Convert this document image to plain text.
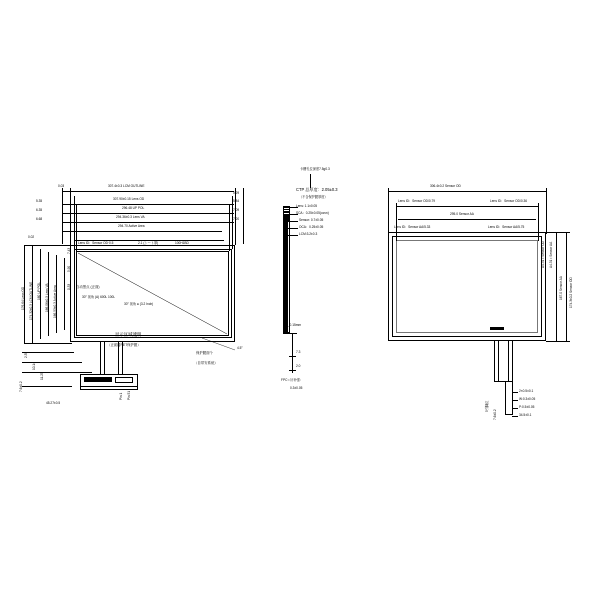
0.03	307.4±0.3 LCM OUTLINE
0.29
5.35	307.90±0.15 Lens OD	5.84
6.35	296.48 UP POL	7.09
6.68	294.36±0.3 Lens VA	7.20
294.70 Active Area
Lens ID：Sensor OD·0.5	2.1 (シート厚)	100H1BD
0.02
176.64 Lens OD 174.32±0.3 LCM OUTLINE 160 UP POL 166.06±0.3 Lens VA 166.53±0.3 Active Area
7.43
5.90
0.33
2.35
10.14
11.25
7.6±0.2
45.27±0.5
Pin 1 Pin 51
自动黑点 (正面)
30° 视角 (A) 600L 100L
30° 视角 ● (3.2 Inch)
显示区域透明
（正面覆PET保护膜）
保护膜面个
（自带安系统）
4.5°
卡槽孔位深度7.5g0.3
CTP 总厚度：2.05±0.3
（不含保护膜厚度）
Lens: 1.1±0.05
SCA：0.25±0.05(ocvn)
Sensor: 0.7±0.05
OCA：0.25±0.05
LCM:3.2±0.3
0_0.15mm
7.3
2.0
FPC☆针补强：
0.3±0.05
306.4±0.2 Sensor OD
Lens ID：Sensor OD/0.79	Lens ID：Sensor OD/0.36
295.0 Sensor AA
Lens ID：Sensor AA/5.33	Lens ID：Sensor AA/5.75
174.3±0.2 Sensor OD
167.0 Sensor AA
A4.31 • Sensor AA
A4.31 • Sensor OD
2×0.5±0.1
W:0.3±0.05
P:0.5±0.05
34.5±0.1
5引脚位
7.6±0.2
